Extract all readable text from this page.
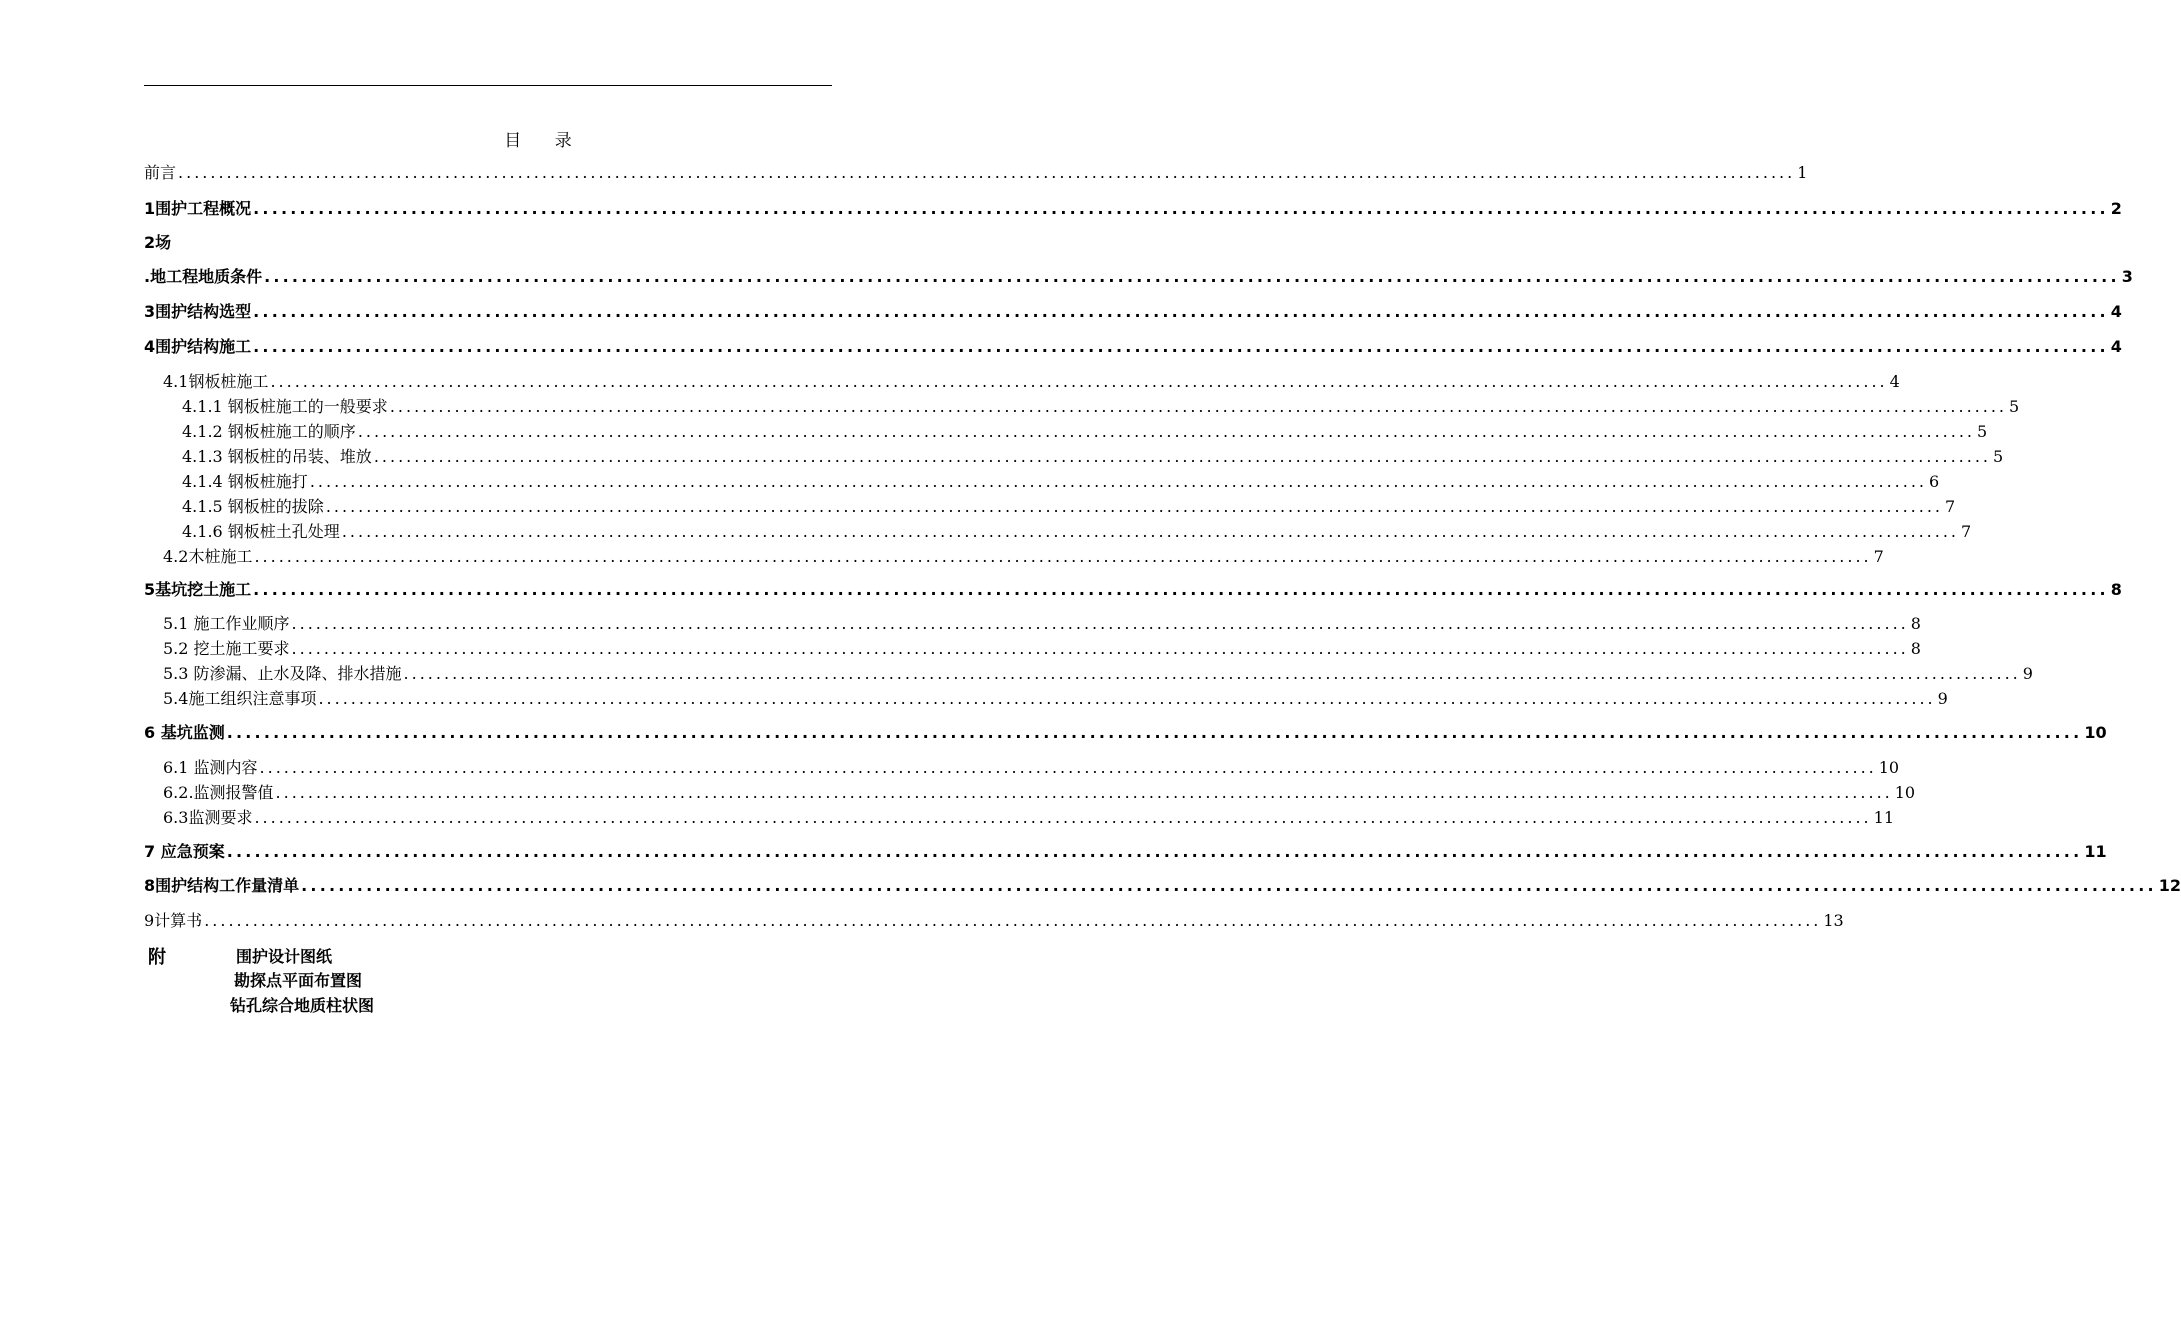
目 录
前言 ........................................................................................................................................................................................................ 1
1围护工程概况 ........................................................................................................................................................................................................ 2
2场
.地工程地质条件 ........................................................................................................................................................................................................ 3
3围护结构选型 ........................................................................................................................................................................................................ 4
4围护结构施工 ........................................................................................................................................................................................................ 4
4.1钢板桩施工 ........................................................................................................................................................................................................ 4
4.1.1 钢板桩施工的一般要求 ........................................................................................................................................................................................................ 5
4.1.2 钢板桩施工的顺序 ........................................................................................................................................................................................................ 5
4.1.3 钢板桩的吊装、堆放 ........................................................................................................................................................................................................ 5
4.1.4 钢板桩施打 ........................................................................................................................................................................................................ 6
4.1.5 钢板桩的拔除 ........................................................................................................................................................................................................ 7
4.1.6 钢板桩土孔处理 ........................................................................................................................................................................................................ 7
4.2木桩施工 ........................................................................................................................................................................................................ 7
5基坑挖土施工 ........................................................................................................................................................................................................ 8
5.1 施工作业顺序 ........................................................................................................................................................................................................ 8
5.2 挖土施工要求 ........................................................................................................................................................................................................ 8
5.3 防渗漏、止水及降、排水措施 ........................................................................................................................................................................................................ 9
5.4施工组织注意事项 ........................................................................................................................................................................................................ 9
6 基坑监测 ........................................................................................................................................................................................................ 10
6.1 监测内容 ........................................................................................................................................................................................................ 10
6.2.监测报警值 ........................................................................................................................................................................................................ 10
6.3监测要求 ........................................................................................................................................................................................................ 11
7 应急预案 ........................................................................................................................................................................................................ 11
8围护结构工作量清单 ........................................................................................................................................................................................................ 12
9计算书 ........................................................................................................................................................................................................ 13
附	围护设计图纸
勘探点平面布置图
钻孔综合地质柱状图
